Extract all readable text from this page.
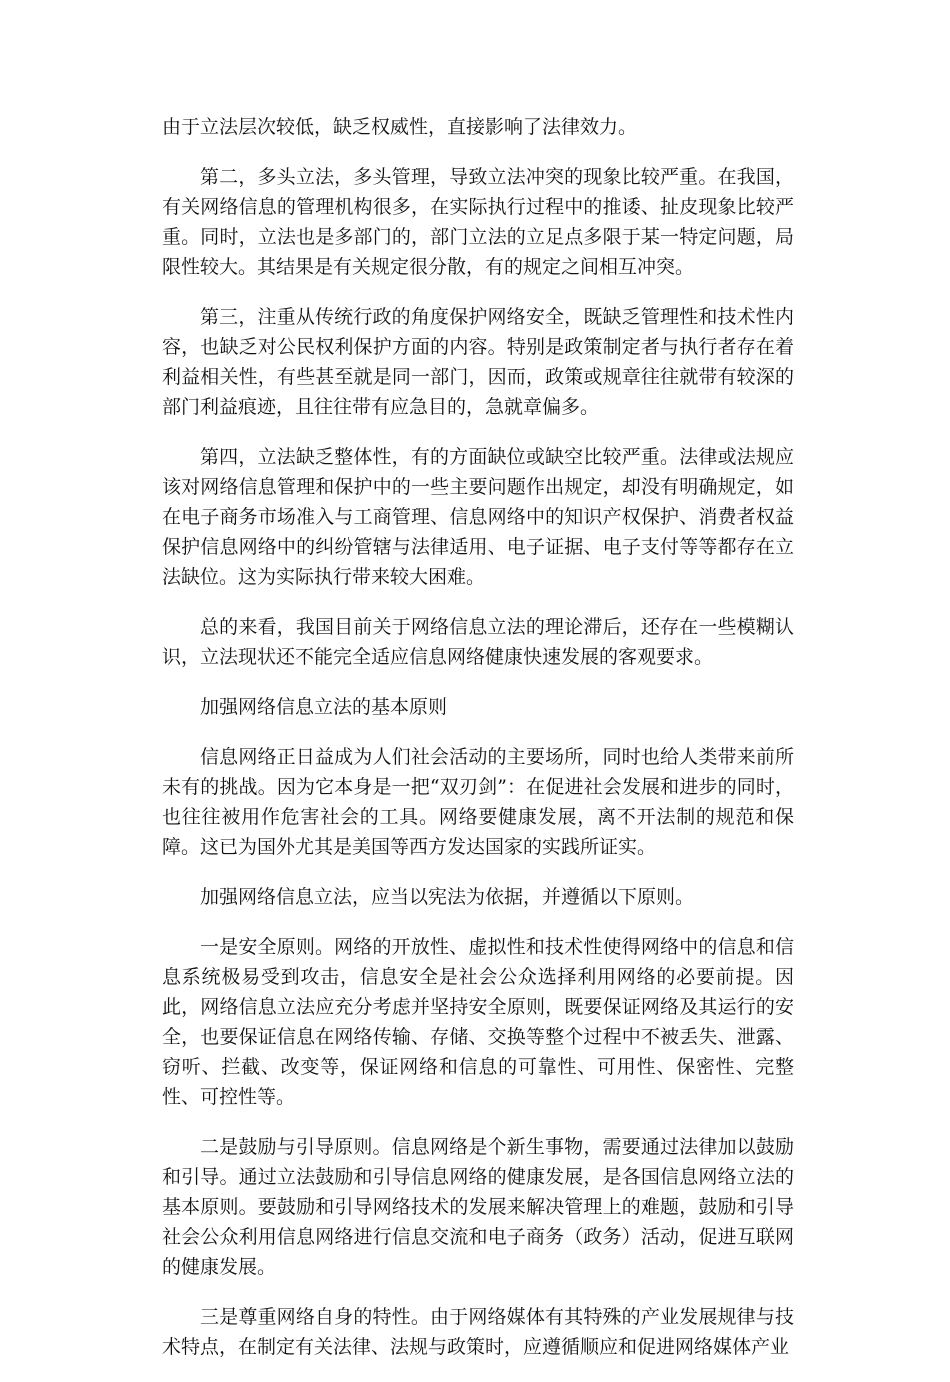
由于立法层次较低，缺乏权威性，直接影响了法律效力。

第二，多头立法，多头管理，导致立法冲突的现象比较严重。在我国，有关网络信息的管理机构很多，在实际执行过程中的推诿、扯皮现象比较严重。同时，立法也是多部门的，部门立法的立足点多限于某一特定问题，局限性较大。其结果是有关规定很分散，有的规定之间相互冲突。

第三，注重从传统行政的角度保护网络安全，既缺乏管理性和技术性内容，也缺乏对公民权利保护方面的内容。特别是政策制定者与执行者存在着利益相关性，有些甚至就是同一部门，因而，政策或规章往往就带有较深的部门利益痕迹，且往往带有应急目的，急就章偏多。

第四，立法缺乏整体性，有的方面缺位或缺空比较严重。法律或法规应该对网络信息管理和保护中的一些主要问题作出规定，却没有明确规定，如在电子商务市场准入与工商管理、信息网络中的知识产权保护、消费者权益保护信息网络中的纠纷管辖与法律适用、电子证据、电子支付等等都存在立法缺位。这为实际执行带来较大困难。

总的来看，我国目前关于网络信息立法的理论滞后，还存在一些模糊认识，立法现状还不能完全适应信息网络健康快速发展的客观要求。

加强网络信息立法的基本原则

信息网络正日益成为人们社会活动的主要场所，同时也给人类带来前所未有的挑战。因为它本身是一把“双刃剑”：在促进社会发展和进步的同时，也往往被用作危害社会的工具。网络要健康发展，离不开法制的规范和保障。这已为国外尤其是美国等西方发达国家的实践所证实。

加强网络信息立法，应当以宪法为依据，并遵循以下原则。

一是安全原则。网络的开放性、虚拟性和技术性使得网络中的信息和信息系统极易受到攻击，信息安全是社会公众选择利用网络的必要前提。因此，网络信息立法应充分考虑并坚持安全原则，既要保证网络及其运行的安全，也要保证信息在网络传输、存储、交换等整个过程中不被丢失、泄露、窃听、拦截、改变等，保证网络和信息的可靠性、可用性、保密性、完整性、可控性等。

二是鼓励与引导原则。信息网络是个新生事物，需要通过法律加以鼓励和引导。通过立法鼓励和引导信息网络的健康发展，是各国信息网络立法的基本原则。要鼓励和引导网络技术的发展来解决管理上的难题，鼓励和引导社会公众利用信息网络进行信息交流和电子商务（政务）活动，促进互联网的健康发展。

三是尊重网络自身的特性。由于网络媒体有其特殊的产业发展规律与技术特点，在制定有关法律、法规与政策时，应遵循顺应和促进网络媒体产业
